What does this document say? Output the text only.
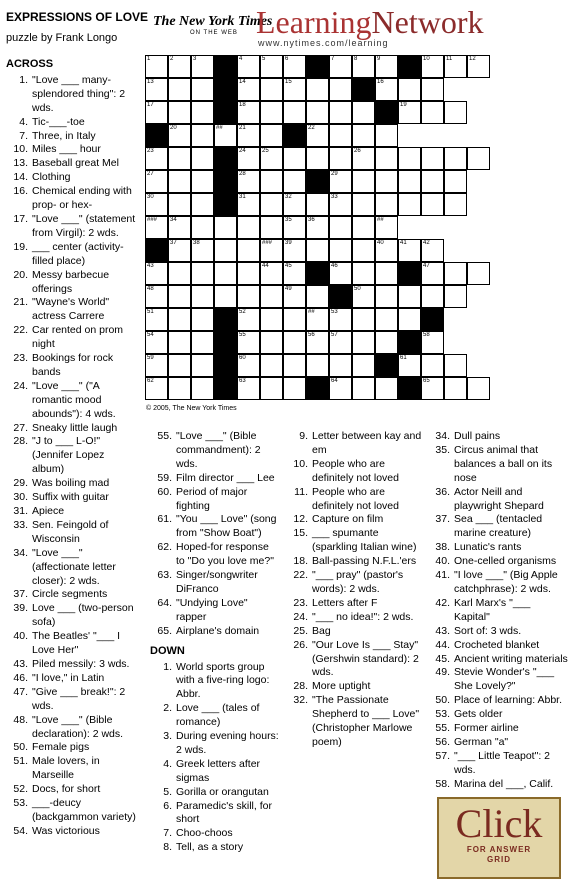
EXPRESSIONS OF LOVE
puzzle by Frank Longo
The New York Times
ON THE WEB LearningNetwork
www.nytimes.com/learning
ACROSS
1. "Love ___ many-splendored thing": 2 wds.
4. Tic-___-toe
7. Three, in Italy
10. Miles ___ hour
13. Baseball great Mel
14. Clothing
16. Chemical ending with prop- or hex-
17. "Love ___" (statement from Virgil): 2 wds.
19. ___ center (activity-filled place)
20. Messy barbecue offerings
21. "Wayne's World" actress Carrere
22. Car rented on prom night
23. Bookings for rock bands
24. "Love ___" ("A romantic mood abounds"): 4 wds.
27. Sneaky little laugh
28. "J to ___ L-O!" (Jennifer Lopez album)
29. Was boiling mad
30. Suffix with guitar
31. Apiece
33. Sen. Feingold of Wisconsin
34. "Love ___" (affectionate letter closer): 2 wds.
37. Circle segments
39. Love ___ (two-person sofa)
40. The Beatles' "___ I Love Her"
43. Piled messily: 3 wds.
46. "I love," in Latin
47. "Give ___ break!": 2 wds.
48. "Love ___" (Bible declaration): 2 wds.
50. Female pigs
51. Male lovers, in Marseille
52. Docs, for short
53. ___-deucy (backgammon variety)
54. Was victorious
55. "Love ___" (Bible commandment): 2 wds.
59. Film director ___ Lee
60. Period of major fighting
61. "You ___ Love" (song from "Show Boat")
62. Hoped-for response to "Do you love me?"
63. Singer/songwriter DiFranco
64. "Undying Love" rapper
65. Airplane's domain
DOWN
1. World sports group with a five-ring logo: Abbr.
2. Love ___ (tales of romance)
3. During evening hours: 2 wds.
4. Greek letters after sigmas
5. Gorilla or orangutan
6. Paramedic's skill, for short
7. Choo-choos
8. Tell, as a story
9. Letter between kay and em
10. People who are definitely not loved
11. People who are definitely not loved
12. Capture on film
15. ___ spumante (sparkling Italian wine)
18. Ball-passing N.F.L.'ers
22. "___ pray" (pastor's words): 2 wds.
23. Letters after F
24. "___ no idea!": 2 wds.
25. Bag
26. "Our Love Is ___ Stay" (Gershwin standard): 2 wds.
28. More uptight
32. "The Passionate Shepherd to ___ Love" (Christopher Marlowe poem)
34. Dull pains
35. Circus animal that balances a ball on its nose
36. Actor Neill and playwright Shepard
37. Sea ___ (tentacled marine creature)
38. Lunatic's rants
40. One-celled organisms
41. "I love ___" (Big Apple catchphrase): 2 wds.
42. Karl Marx's "___ Kapital"
43. Sort of: 3 wds.
44. Crocheted blanket
45. Ancient writing materials
49. Stevie Wonder's "___ She Lovely?"
50. Place of learning: Abbr.
53. Gets older
55. Former airline
56. German "a"
57. "___ Little Teapot": 2 wds.
58. Marina del ___, Calif.
1	2	3	4	5	6	7	8	9	10	11	12
13	14	15	16
17	18	19
20	##	21	22
23	24	25	26
27	28	29
30	31	32	33
### 34	35	36	##
37	38	### 39	40	41	42
43	44	45	46	47
48	49	50
51	52	##	53
54	55	56	57	58
59	60	61
62	63	64	65
© 2005, The New York Times
Click
FOR ANSWER
GRID
